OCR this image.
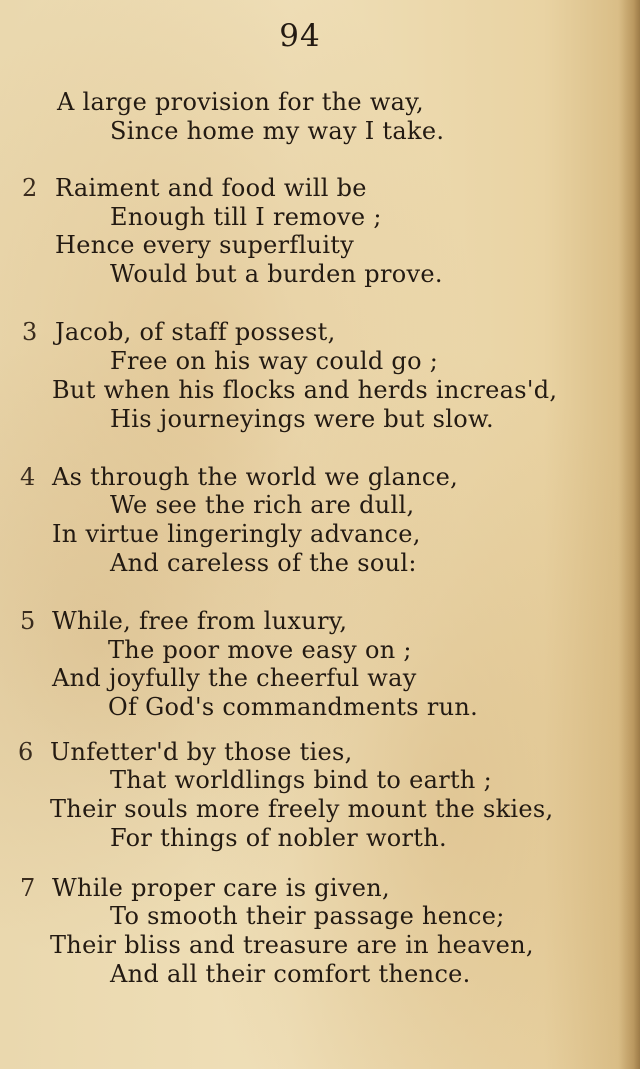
94
A large provision for the way,
Since home my way I take.
2 Raiment and food will be
Enough till I remove ;
Hence every superfluity
Would but a burden prove.
3 Jacob, of staff possest,
Free on his way could go ;
But when his flocks and herds increas'd,
His journeyings were but slow.
4 As through the world we glance,
We see the rich are dull,
In virtue lingeringly advance,
And careless of the soul:
5 While, free from luxury,
The poor move easy on ;
And joyfully the cheerful way
Of God's commandments run.
6 Unfetter'd by those ties,
That worldlings bind to earth ;
Their souls more freely mount the skies,
For things of nobler worth.
7 While proper care is given,
To smooth their passage hence;
Their bliss and treasure are in heaven,
And all their comfort thence.
